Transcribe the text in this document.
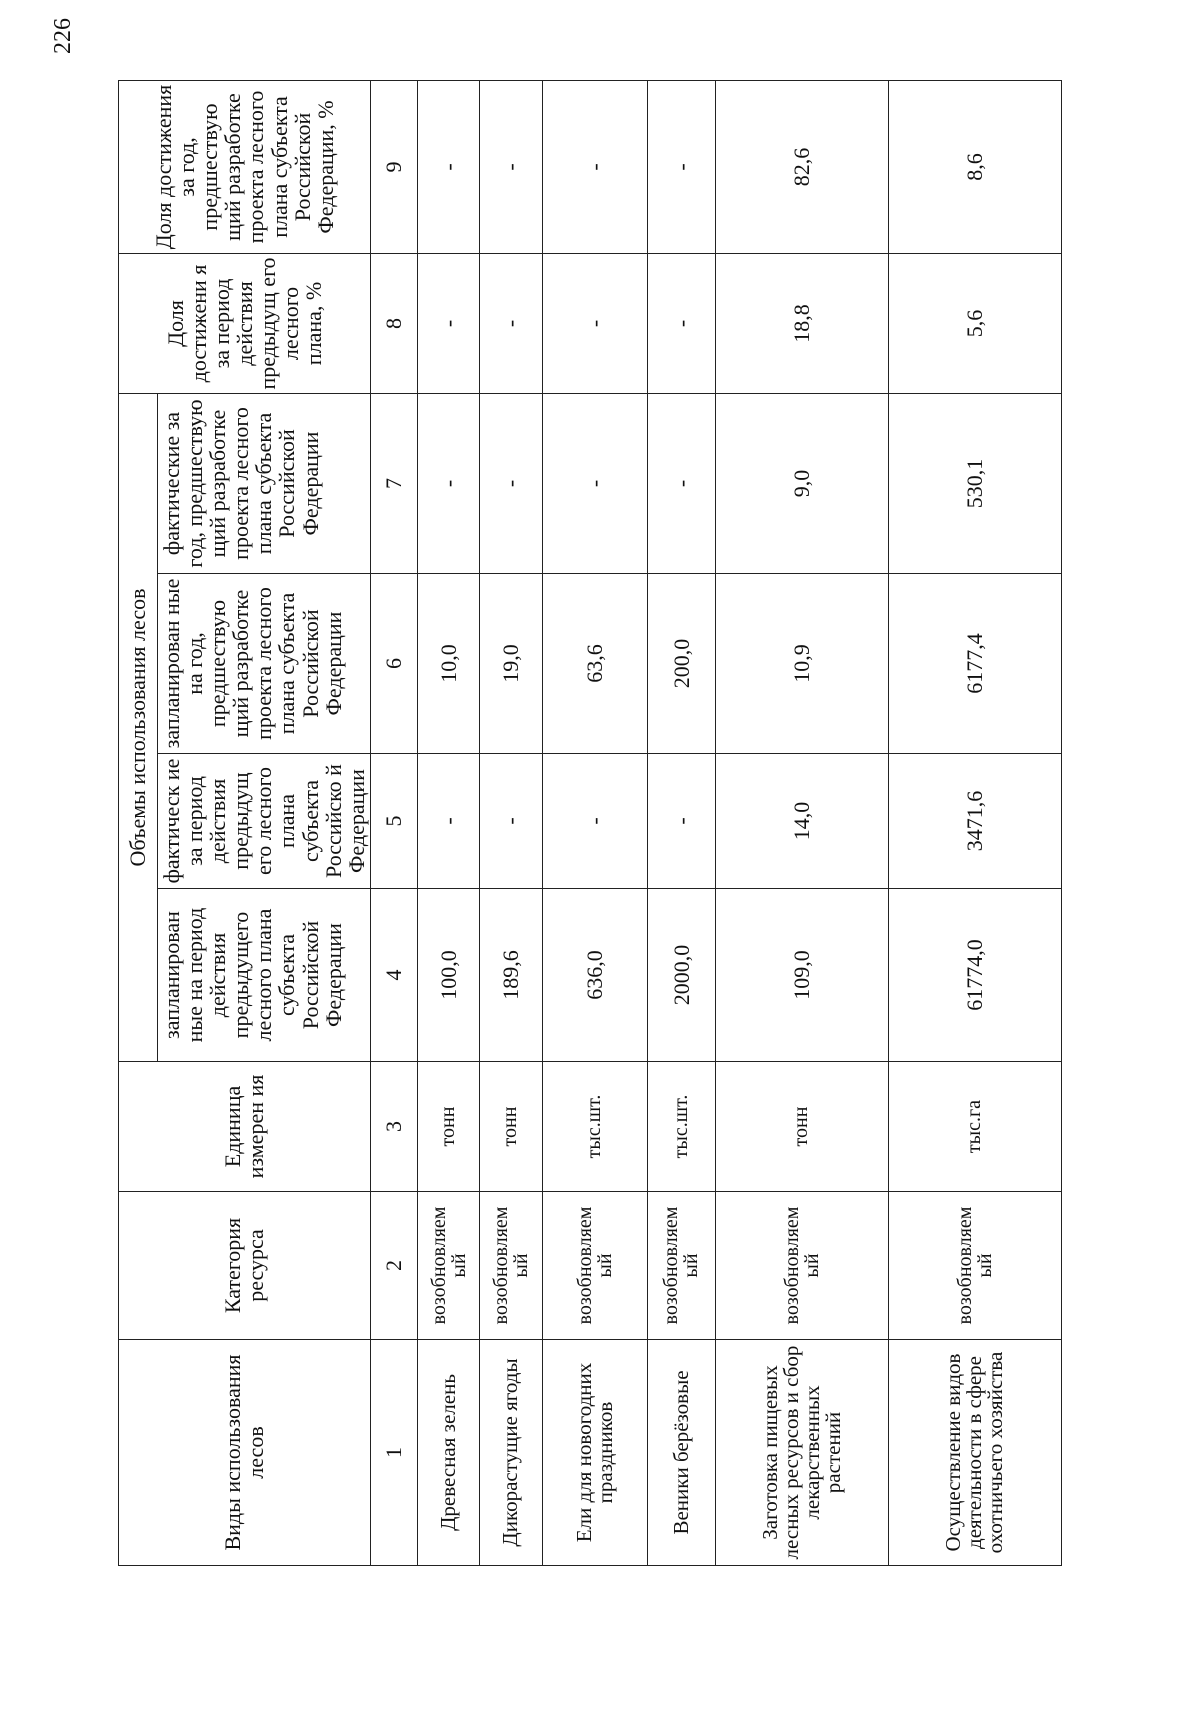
226
Виды использования лесов	Категория ресурса	Единица измерен ия	Объемы использования лесов				Доля достижени я за период действия предыдущ его лесного плана, %	Доля достижения за год, предшествую щий разработке проекта лесного плана субъекта Российской Федерации, %
			запланирован ные на период действия предыдущего лесного плана субъекта Российской Федерации	фактическ ие за период действия предыдущ его лесного плана субъекта Российско й Федерации	запланирован ные на год, предшествую щий разработке проекта лесного плана субъекта Российской Федерации	фактические за год, предшествую щий разработке проекта лесного плана субъекта Российской Федерации		
1	2	3	4	5	6	7	8	9
Древесная зелень	возобновляем ый	тонн	100,0	-	10,0	-	-	-
Дикорастущие ягоды	возобновляем ый	тонн	189,6	-	19,0	-	-	-
Ели для новогодних праздников	возобновляем ый	тыс.шт.	636,0	-	63,6	-	-	-
Веники берёзовые	возобновляем ый	тыс.шт.	2000,0	-	200,0	-	-	-
Заготовка пищевых лесных ресурсов и сбор лекарственных растений	возобновляем ый	тонн	109,0	14,0	10,9	9,0	18,8	82,6
Осуществление видов деятельности в сфере охотничьего хозяйства	возобновляем ый	тыс.га	61774,0	3471,6	6177,4	530,1	5,6	8,6
